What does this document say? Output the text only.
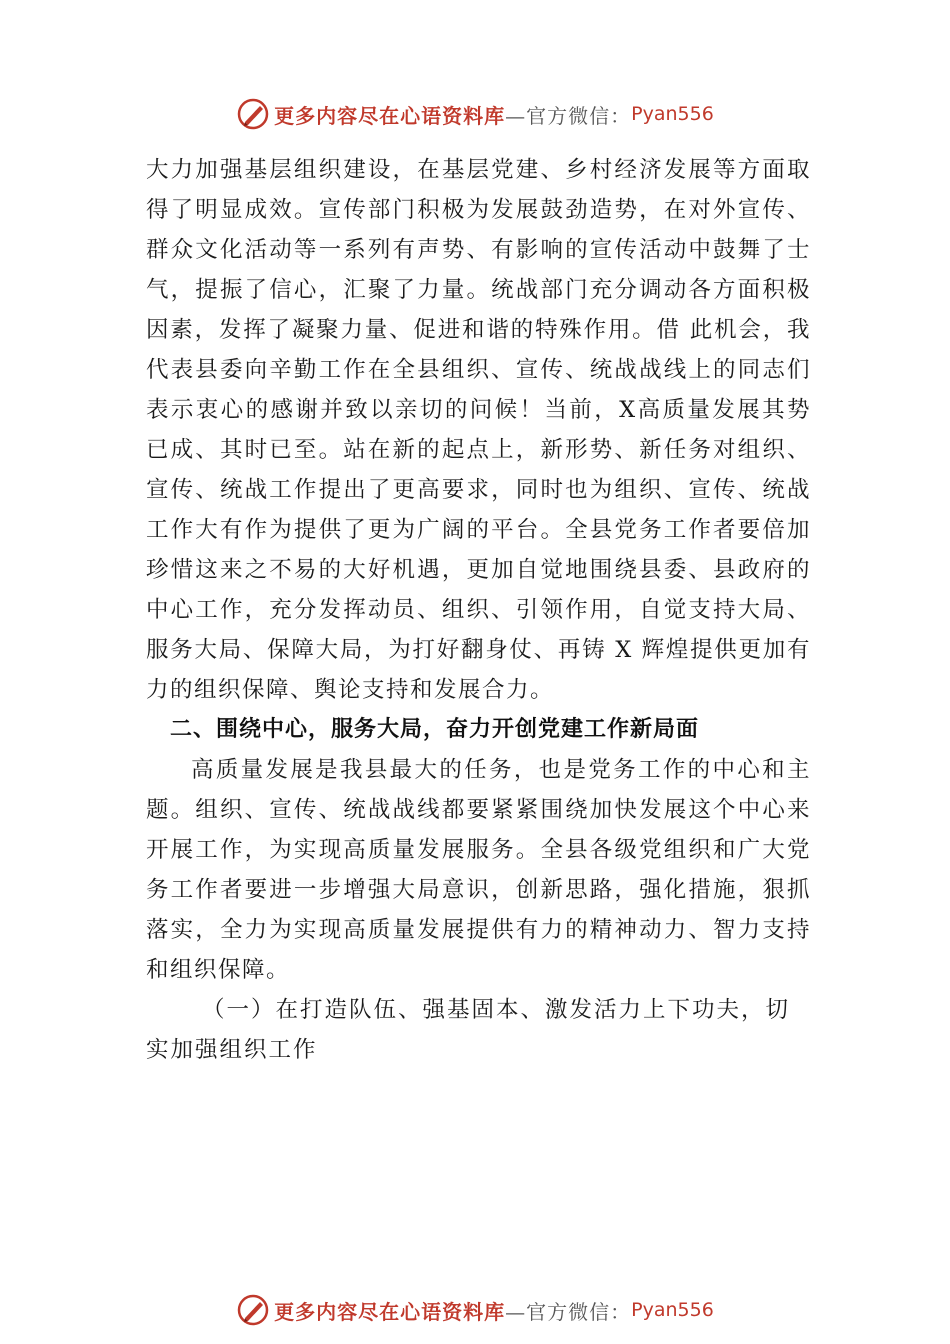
更多内容尽在心语资料库 —官方微信： Pyan556

大力加强基层组织建设，在基层党建、乡村经济发展等方面取得了明显成效。宣传部门积极为发展鼓劲造势，在对外宣传、群众文化活动等一系列有声势、有影响的宣传活动中鼓舞了士气，提振了信心，汇聚了力量。统战部门充分调动各方面积极因素，发挥了凝聚力量、促进和谐的特殊作用。借 此机会，我代表县委向辛勤工作在全县组织、宣传、统战战线上的同志们表示衷心的感谢并致以亲切的问候！当前，X高质量发展其势已成、其时已至。站在新的起点上，新形势、新任务对组织、宣传、统战工作提出了更高要求，同时也为组织、宣传、统战工作大有作为提供了更为广阔的平台。全县党务工作者要倍加珍惜这来之不易的大好机遇，更加自觉地围绕县委、县政府的中心工作，充分发挥动员、组织、引领作用，自觉支持大局、服务大局、保障大局，为打好翻身仗、再铸 X 辉煌提供更加有力的组织保障、舆论支持和发展合力。

二、围绕中心，服务大局，奋力开创党建工作新局面

高质量发展是我县最大的任务，也是党务工作的中心和主题。组织、宣传、统战战线都要紧紧围绕加快发展这个中心来开展工作，为实现高质量发展服务。全县各级党组织和广大党务工作者要进一步增强大局意识，创新思路，强化措施，狠抓落实，全力为实现高质量发展提供有力的精神动力、智力支持和组织保障。

（一）在打造队伍、强基固本、激发活力上下功夫，切实加强组织工作

更多内容尽在心语资料库 —官方微信： Pyan556
